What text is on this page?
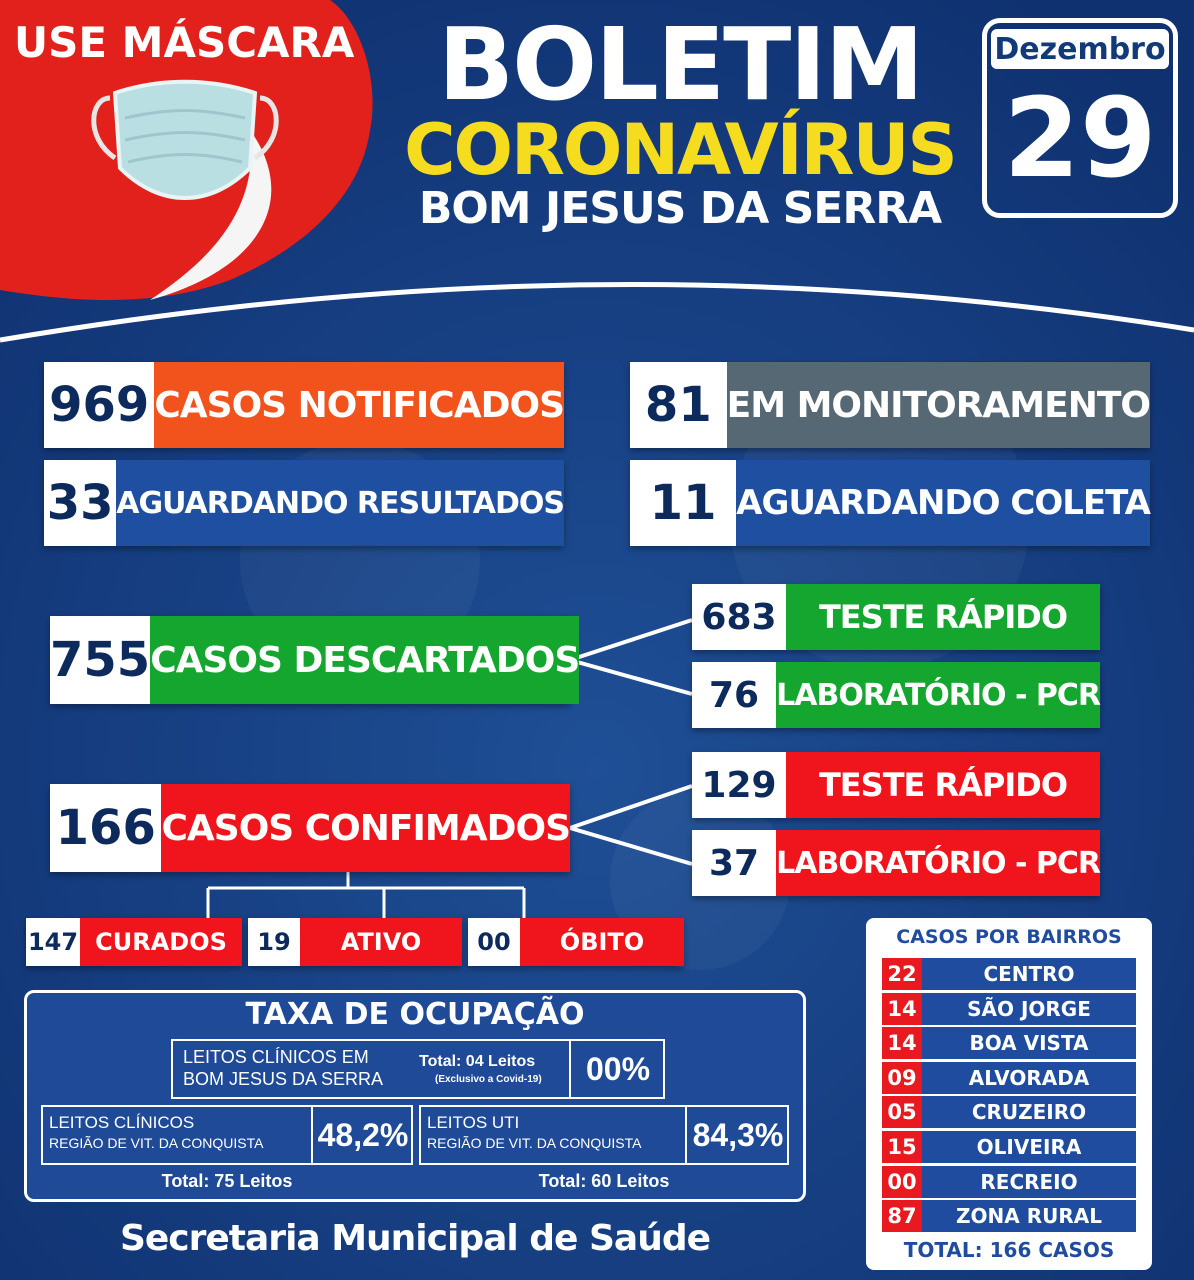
USE MÁSCARA BOLETIM
CORONAVÍRUS
BOM JESUS DA SERRA
Dezembro
29
969 CASOS NOTIFICADOS	81 EM MONITORAMENTO
33 AGUARDANDO RESULTADOS	11 AGUARDANDO COLETA
755 CASOS DESCARTADOS
683	TESTE RÁPIDO
76 LABORATÓRIO - PCR
166 CASOS CONFIMADOS
129	TESTE RÁPIDO
37 LABORATÓRIO - PCR
147 CURADOS	19	ATIVO	00	ÓBITO
TAXA DE OCUPAÇÃO
LEITOS CLÍNICOS EM
BOM JESUS DA SERRA
Total: 04 Leitos
(Exclusivo a Covid-19)	00%
LEITOS CLÍNICOS
REGIÃO DE VIT. DA CONQUISTA 48,2%
Total: 75 Leitos
LEITOS UTI
REGIÃO DE VIT. DA CONQUISTA 84,3%
Total: 60 Leitos
Secretaria Municipal de Saúde
CASOS POR BAIRROS
22	CENTRO
14	SÃO JORGE
14	BOA VISTA
09	ALVORADA
05	CRUZEIRO
15	OLIVEIRA
00	RECREIO
87	ZONA RURAL
TOTAL: 166 CASOS
